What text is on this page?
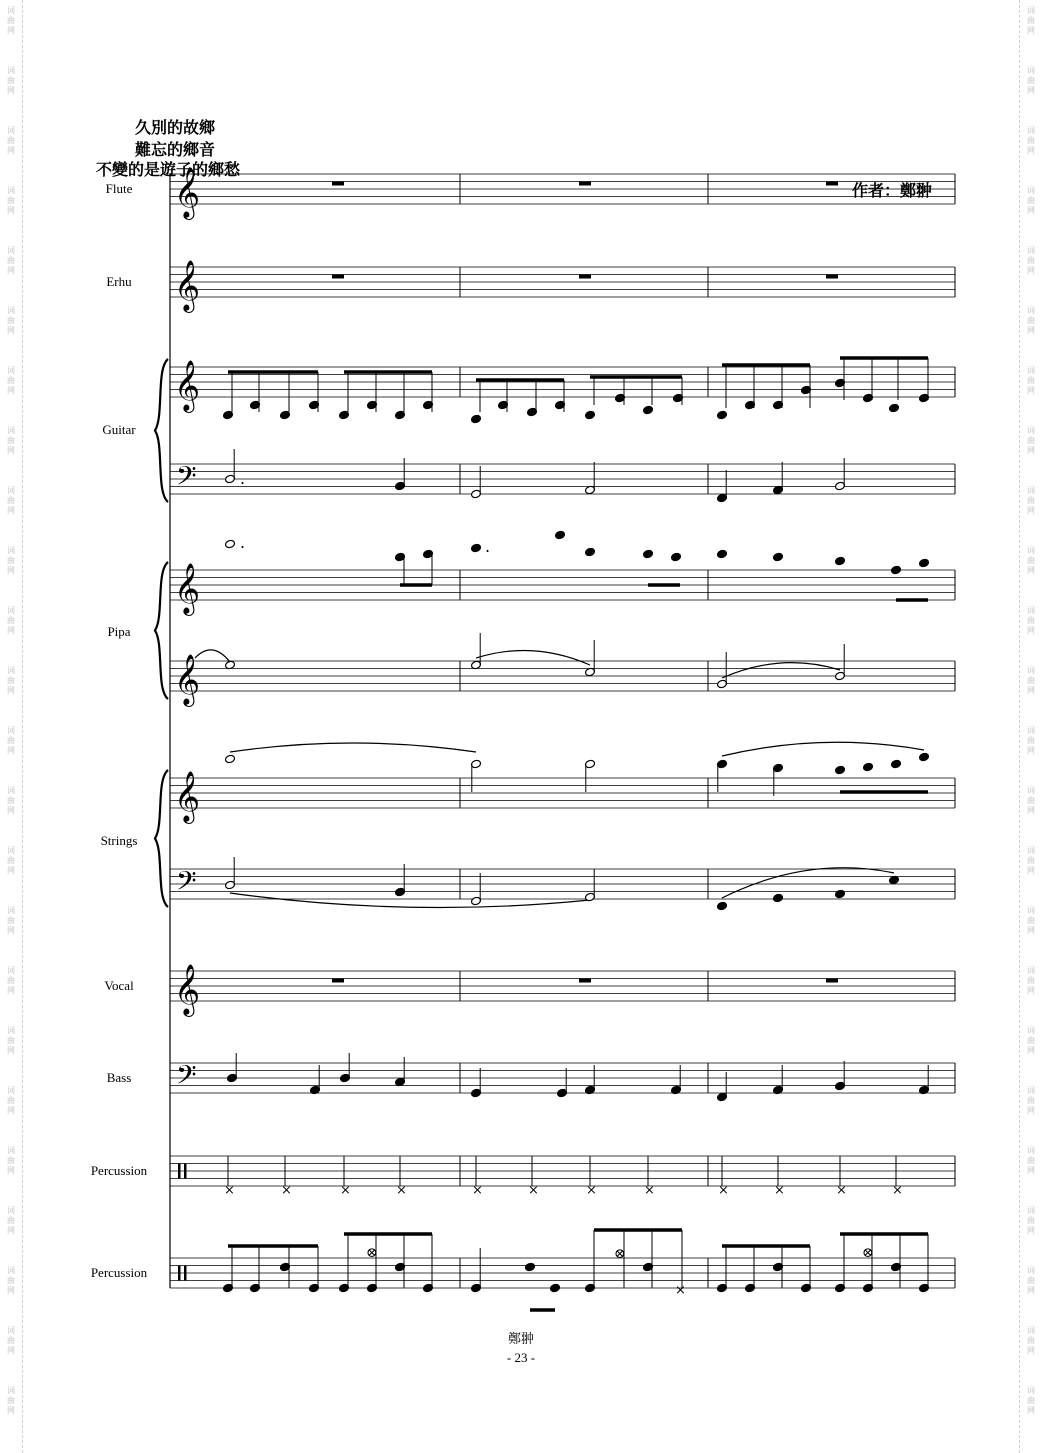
久別的故鄉
難忘的鄉音
不變的是遊子的鄉愁
作者：鄭翀
Flute
Erhu
Guitar
Pipa
Strings
Vocal
Bass
Percussion
Percussion
𝄞
𝄞
𝄞
𝄞
𝄢	.
𝄞
𝄞
.	.
𝄞
𝄢
𝄢
×	×	×	×	×	×	×	×	×	×	×	×
⊗	⊗
×
⊗
鄭翀
- 23 -
词
曲
网
词
曲
网
词
曲
网
词
曲
网
词
曲
网
词
曲
网
词
曲
网
词
曲
网
词
曲
网
词
曲
网
词
曲
网
词
曲
网
词
曲
网
词
曲
网
词
曲
网
词
曲
网
词
曲
网
词
曲
网
词
曲
网
词
曲
网
词
曲
网
词
曲
网
词
曲
网
词
曲
网
词
曲
网
词
曲
网
词
曲
网
词
曲
网
词
曲
网
词
曲
网
词
曲
网
词
曲
网
词
曲
网
词
曲
网
词
曲
网
词
曲
网
词
曲
网
词
曲
网
词
曲
网
词
曲
网
词
曲
网
词
曲
网
词
曲
网
词
曲
网
词
曲
网
词
曲
网
词
曲
网
词
曲
网
